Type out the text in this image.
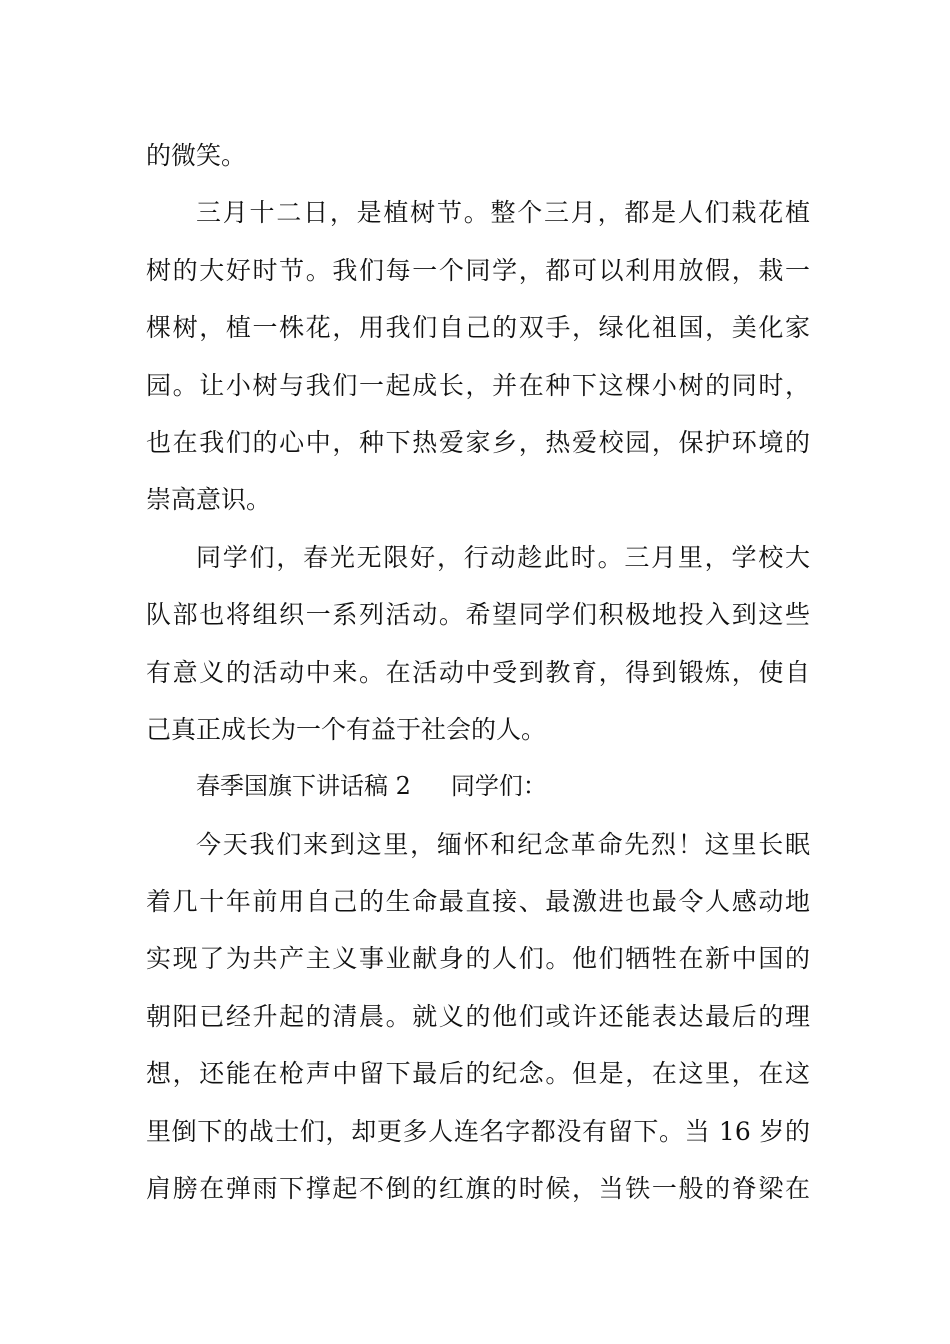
的微笑。
三月十二日，是植树节。整个三月，都是人们栽花植
树的大好时节。我们每一个同学，都可以利用放假，栽一
棵树，植一株花，用我们自己的双手，绿化祖国，美化家
园。让小树与我们一起成长，并在种下这棵小树的同时，
也在我们的心中，种下热爱家乡，热爱校园，保护环境的
崇高意识。
同学们，春光无限好，行动趁此时。三月里，学校大
队部也将组织一系列活动。希望同学们积极地投入到这些
有意义的活动中来。在活动中受到教育，得到锻炼，使自
己真正成长为一个有益于社会的人。
春季国旗下讲话稿 2 同学们：
今天我们来到这里，缅怀和纪念革命先烈！这里长眠
着几十年前用自己的生命最直接、最激进也最令人感动地
实现了为共产主义事业献身的人们。他们牺牲在新中国的
朝阳已经升起的清晨。就义的他们或许还能表达最后的理
想，还能在枪声中留下最后的纪念。但是，在这里，在这
里倒下的战士们，却更多人连名字都没有留下。当 16 岁的
肩膀在弹雨下撑起不倒的红旗的时候，当铁一般的脊梁在
